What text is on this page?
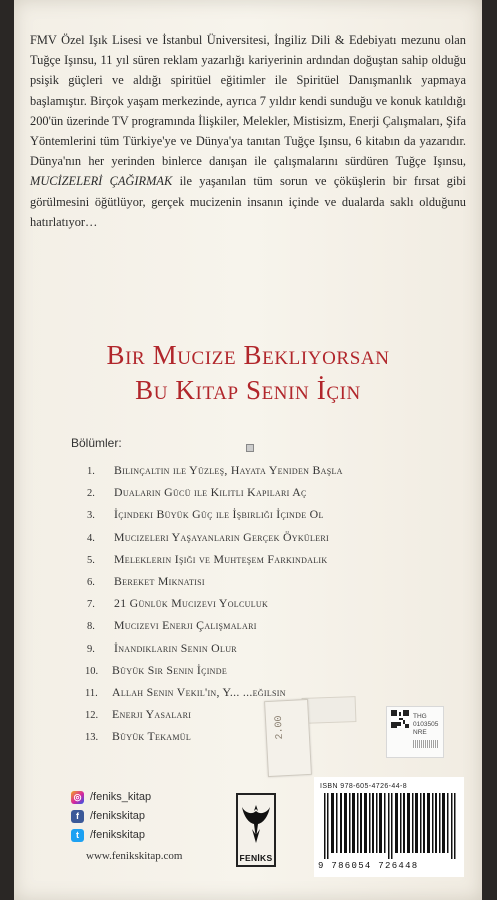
FMV Özel Işık Lisesi ve İstanbul Üniversitesi, İngiliz Dili & Edebiyatı mezunu olan Tuğçe Işınsu, 11 yıl süren reklam yazarlığı kariyerinin ardından doğuştan sahip olduğu psişik güçleri ve aldığı spiritüel eğitimler ile Spiritüel Danışmanlık yapmaya başlamıştır. Birçok yaşam merkezinde, ayrıca 7 yıldır kendi sunduğu ve konuk katıldığı 200'ün üzerinde TV programında İlişkiler, Melekler, Mistisizm, Enerji Çalışmaları, Şifa Yöntemlerini tüm Türkiye'ye ve Dünya'ya tanıtan Tuğçe Işınsu, 6 kitabın da yazarıdır. Dünya'nın her yerinden binlerce danışan ile çalışmalarını sürdüren Tuğçe Işınsu, MUCİZELERİ ÇAĞIRMAK ile yaşanılan tüm sorun ve çöküşlerin bir fırsat gibi görülmesini öğütlüyor, gerçek mucizenin insanın içinde ve dualarda saklı olduğunu hatırlatıyor…
Bir Mucize Bekliyorsan
Bu Kitap Senin İçin
Bölümler:
1. Bilinçaltın ile Yüzleş, Hayata Yeniden Başla
2. Duaların Gücü ile Kilitli Kapıları Aç
3. İçindeki Büyük Güç ile İşbirliği İçinde Ol
4. Mucizeleri Yaşayanların Gerçek Öyküleri
5. Meleklerin Işığı ve Muhteşem Farkındalık
6. Bereket Mıknatısı
7. 21 Günlük Mucizevi Yolculuk
8. Mucizevi Enerji Çalışmaları
9. İnandıkların Senin Olur
10. Büyük Sır Senin İçinde
11. Allah Senin Vekil'in, Y... ...eğilsin
12. Enerji Yasaları
13. Büyük Tekamül	2.00	THG
0103505
NRE
◎ /feniks_kitap
f	/fenikskitap
t	/fenikskitap
www.fenikskitap.com	FENİKS
ISBN 978-605-4726-44-8
9 786054 726448
